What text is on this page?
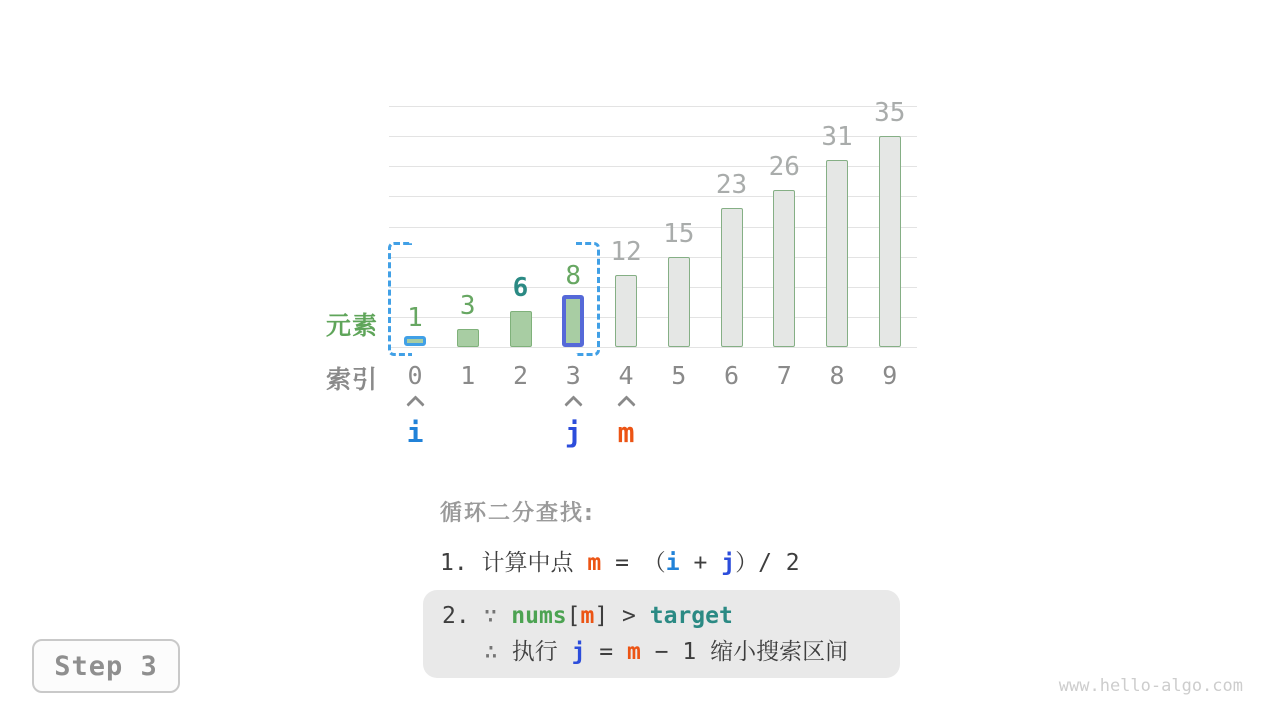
1
0
3
1
6
2
8
3
12
4
15
5
23
6
26
7
31
8
35
9
i	j	m
元素
索引
循环二分查找:
1. 计算中点 m = （i + j）/ 2
2. ∵ nums[m] > target
∴ 执行 j = m − 1 缩小搜索区间
Step 3
www.hello-algo.com
